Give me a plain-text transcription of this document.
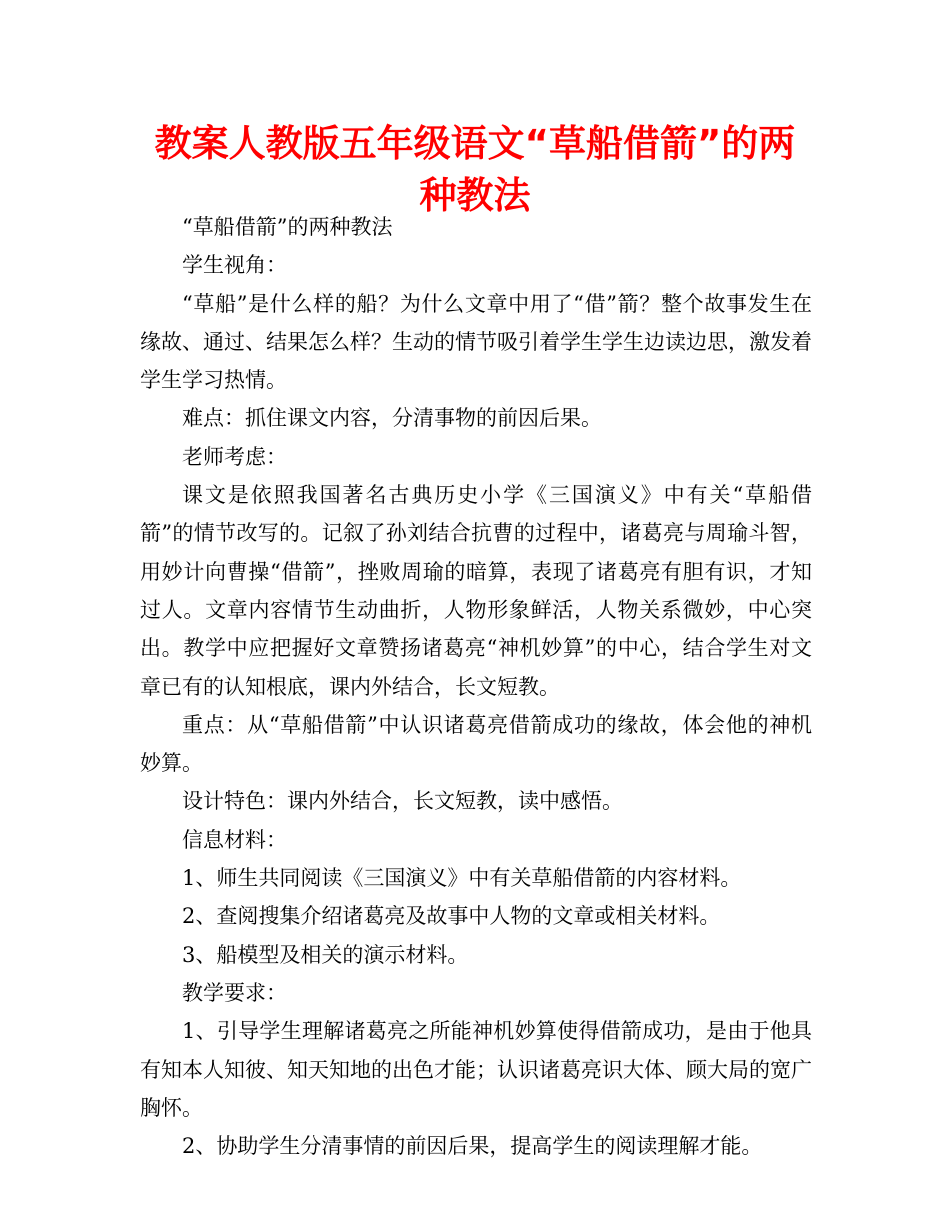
教案人教版五年级语文“草船借箭”的两种教法

“草船借箭”的两种教法

学生视角：

“草船”是什么样的船？为什么文章中用了“借”箭？整个故事发生在缘故、通过、结果怎么样？生动的情节吸引着学生学生边读边思，激发着学生学习热情。

难点：抓住课文内容，分清事物的前因后果。

老师考虑：

课文是依照我国著名古典历史小学《三国演义》中有关“草船借箭”的情节改写的。记叙了孙刘结合抗曹的过程中，诸葛亮与周瑜斗智，用妙计向曹操“借箭”，挫败周瑜的暗算，表现了诸葛亮有胆有识，才知过人。文章内容情节生动曲折，人物形象鲜活，人物关系微妙，中心突出。教学中应把握好文章赞扬诸葛亮“神机妙算”的中心，结合学生对文章已有的认知根底，课内外结合，长文短教。

重点：从“草船借箭”中认识诸葛亮借箭成功的缘故，体会他的神机妙算。

设计特色：课内外结合，长文短教，读中感悟。

信息材料：

1、师生共同阅读《三国演义》中有关草船借箭的内容材料。

2、查阅搜集介绍诸葛亮及故事中人物的文章或相关材料。

3、船模型及相关的演示材料。

教学要求：

1、引导学生理解诸葛亮之所能神机妙算使得借箭成功，是由于他具有知本人知彼、知天知地的出色才能；认识诸葛亮识大体、顾大局的宽广胸怀。

2、协助学生分清事情的前因后果，提高学生的阅读理解才能。
